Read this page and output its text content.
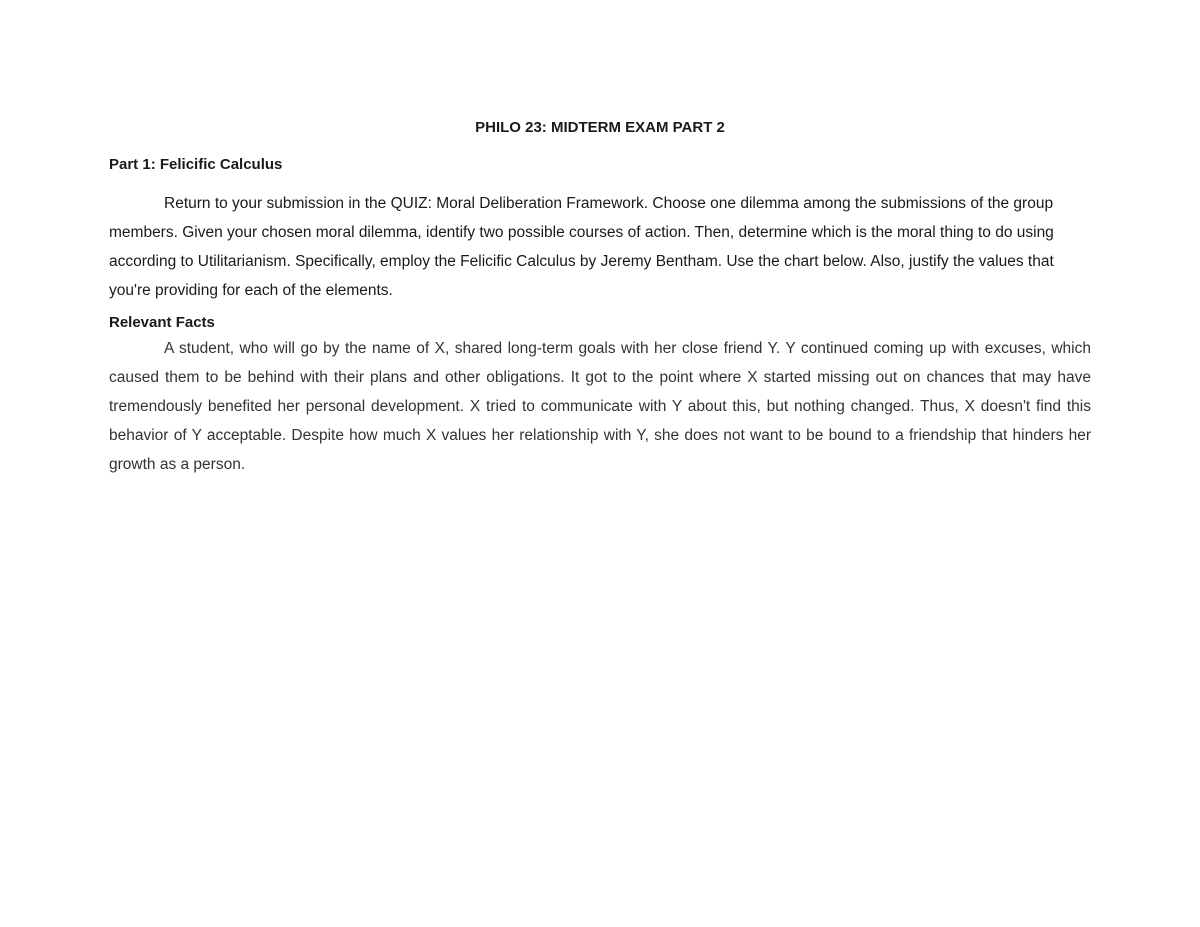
PHILO 23: MIDTERM EXAM PART 2
Part 1: Felicific Calculus

Return to your submission in the QUIZ: Moral Deliberation Framework. Choose one dilemma among the submissions of the group members. Given your chosen moral dilemma, identify two possible courses of action. Then, determine which is the moral thing to do using according to Utilitarianism. Specifically, employ the Felicific Calculus by Jeremy Bentham. Use the chart below. Also, justify the values that you're providing for each of the elements.

Relevant Facts

A student, who will go by the name of X, shared long-term goals with her close friend Y. Y continued coming up with excuses, which caused them to be behind with their plans and other obligations. It got to the point where X started missing out on chances that may have tremendously benefited her personal development. X tried to communicate with Y about this, but nothing changed. Thus, X doesn't find this behavior of Y acceptable. Despite how much X values her relationship with Y, she does not want to be bound to a friendship that hinders her growth as a person.
